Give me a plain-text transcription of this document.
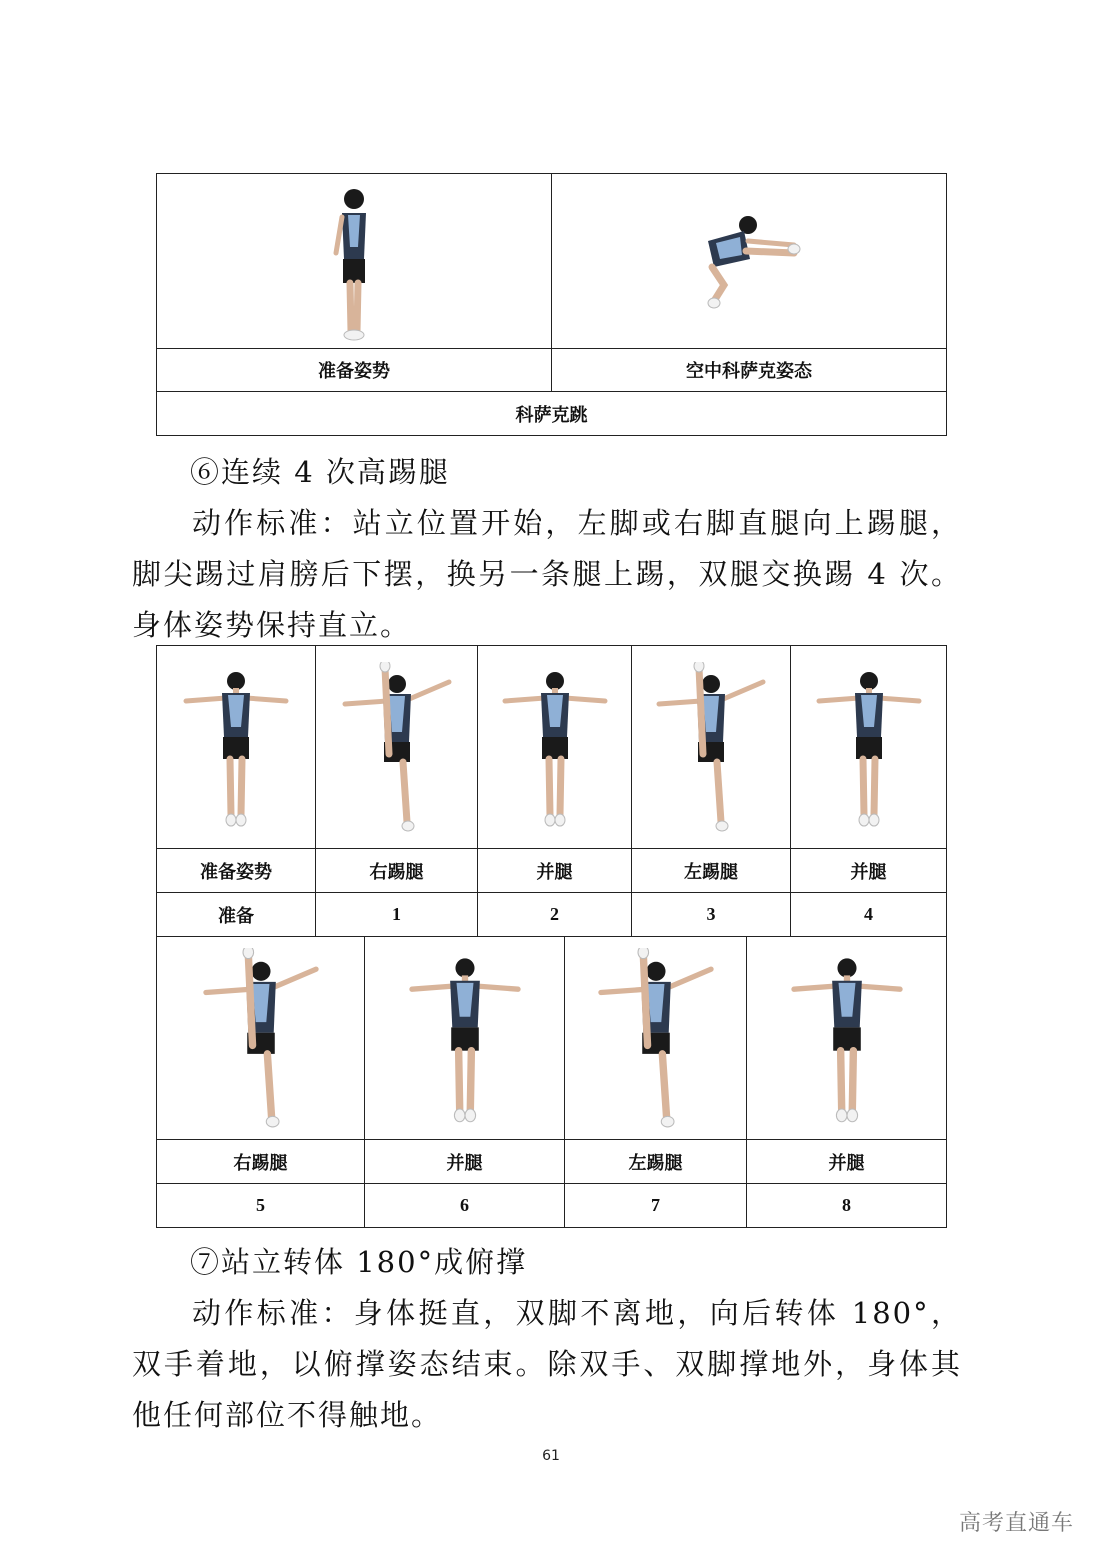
准备姿势	空中科萨克姿态
科萨克跳	
⑥连续 4 次高踢腿
动作标准：站立位置开始，左脚或右脚直腿向上踢腿，脚尖踢过肩膀后下摆，换另一条腿上踢，双腿交换踢 4 次。身体姿势保持直立。

准备姿势	右踢腿	并腿	左踢腿	并腿
准备	1	2	3	4

右踢腿	并腿	左踢腿	并腿
5	6	7	8
⑦站立转体 180°成俯撑
动作标准：身体挺直，双脚不离地，向后转体 180°，双手着地，以俯撑姿态结束。除双手、双脚撑地外，身体其他任何部位不得触地。
61
高考直通车
